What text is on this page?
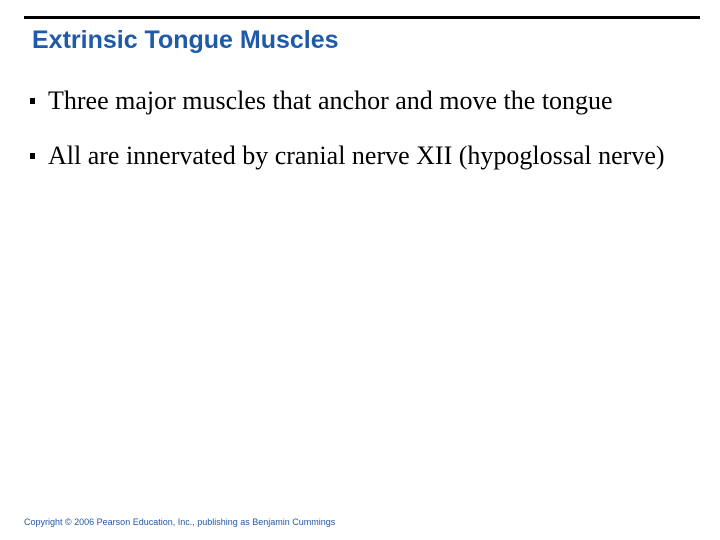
Extrinsic Tongue Muscles
Three major muscles that anchor and move the tongue
All are innervated by cranial nerve XII (hypoglossal nerve)
Copyright © 2006 Pearson Education, Inc., publishing as Benjamin Cummings
